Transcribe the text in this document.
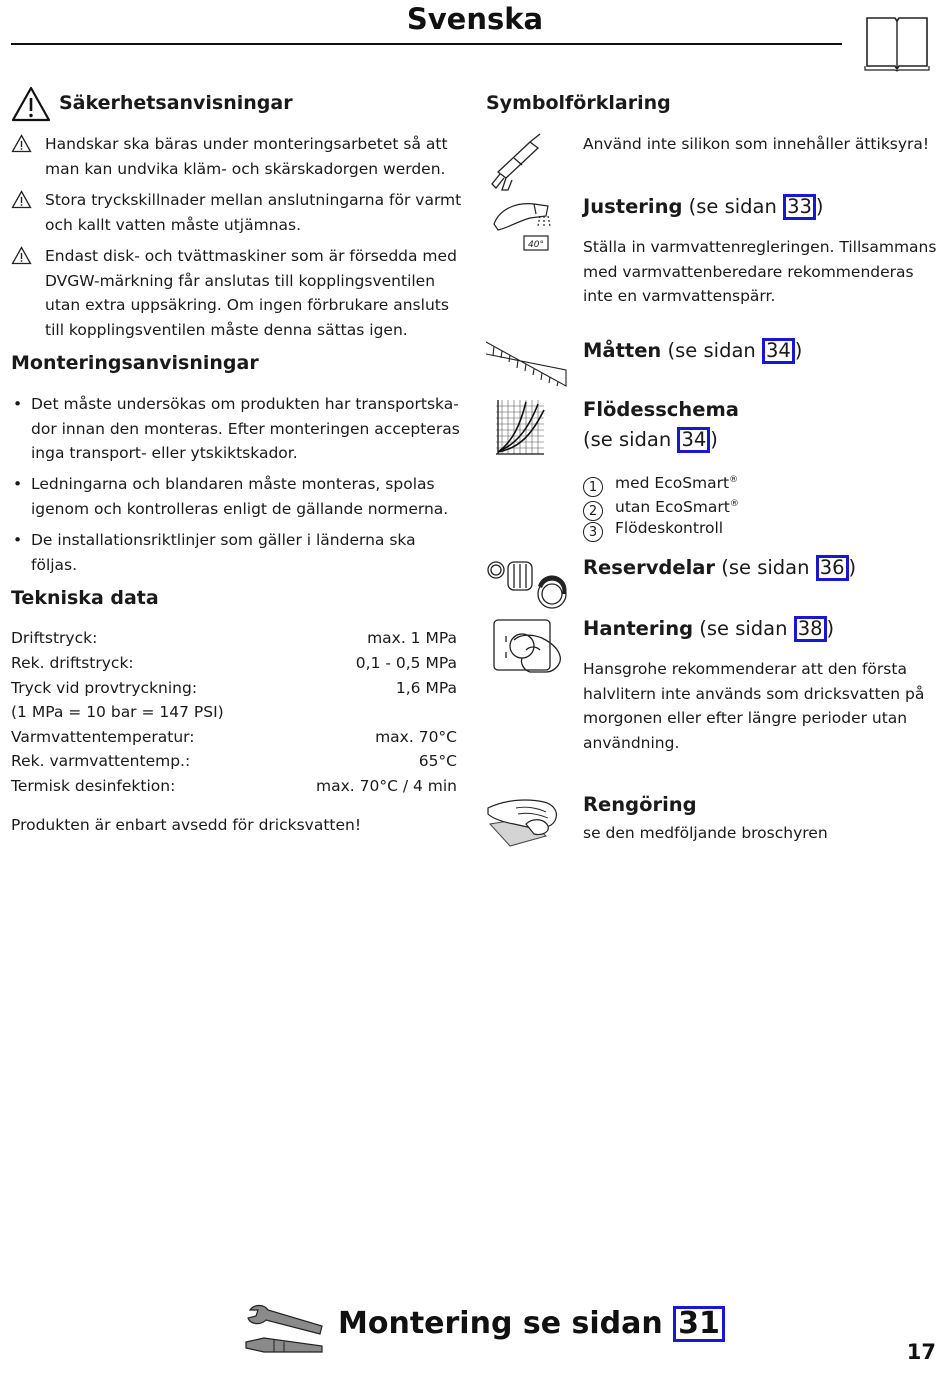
Svenska
Säkerhetsanvisningar
Handskar ska bäras under monteringsarbetet så att
man kan undvika kläm- och skärskadorgen werden.
Stora tryckskillnader mellan anslutningarna för varmt
och kallt vatten måste utjämnas.
Endast disk- och tvättmaskiner som är försedda med
DVGW-märkning får anslutas till kopplingsventilen
utan extra uppsäkring. Om ingen förbrukare ansluts
till kopplingsventilen måste denna sättas igen.
Monteringsanvisningar
• Det måste undersökas om produkten har transportska-
dor innan den monteras. Efter monteringen accepteras
inga transport- eller ytskiktskador.
• Ledningarna och blandaren måste monteras, spolas
igenom och kontrolleras enligt de gällande normerna.
• De installationsriktlinjer som gäller i länderna ska
följas.
Tekniska data
Driftstryck:	max. 1 MPa
Rek. driftstryck:	0,1 - 0,5 MPa
Tryck vid provtryckning:	1,6 MPa
(1 MPa = 10 bar = 147 PSI)
Varmvattentemperatur:	max. 70°C
Rek. varmvattentemp.:	65°C
Termisk desinfektion:	max. 70°C / 4 min
Produkten är enbart avsedd för dricksvatten!
Symbolförklaring
Använd inte silikon som innehåller ättiksyra!
40°
Justering (se sidan 33 )
Ställa in varmvattenregleringen. Tillsammans
med varmvattenberedare rekommenderas
inte en varmvattenspärr.
Måtten (se sidan 34 )
Flödesschema
(se sidan 34 )
1 med EcoSmart®
2 utan EcoSmart®
3 Flödeskontroll
Reservdelar (se sidan 36 )
Hantering (se sidan 38 )
Hansgrohe rekommenderar att den första
halvlitern inte används som dricksvatten på
morgonen eller efter längre perioder utan
användning.
Rengöring
se den medföljande broschyren
Montering se sidan 31
17
